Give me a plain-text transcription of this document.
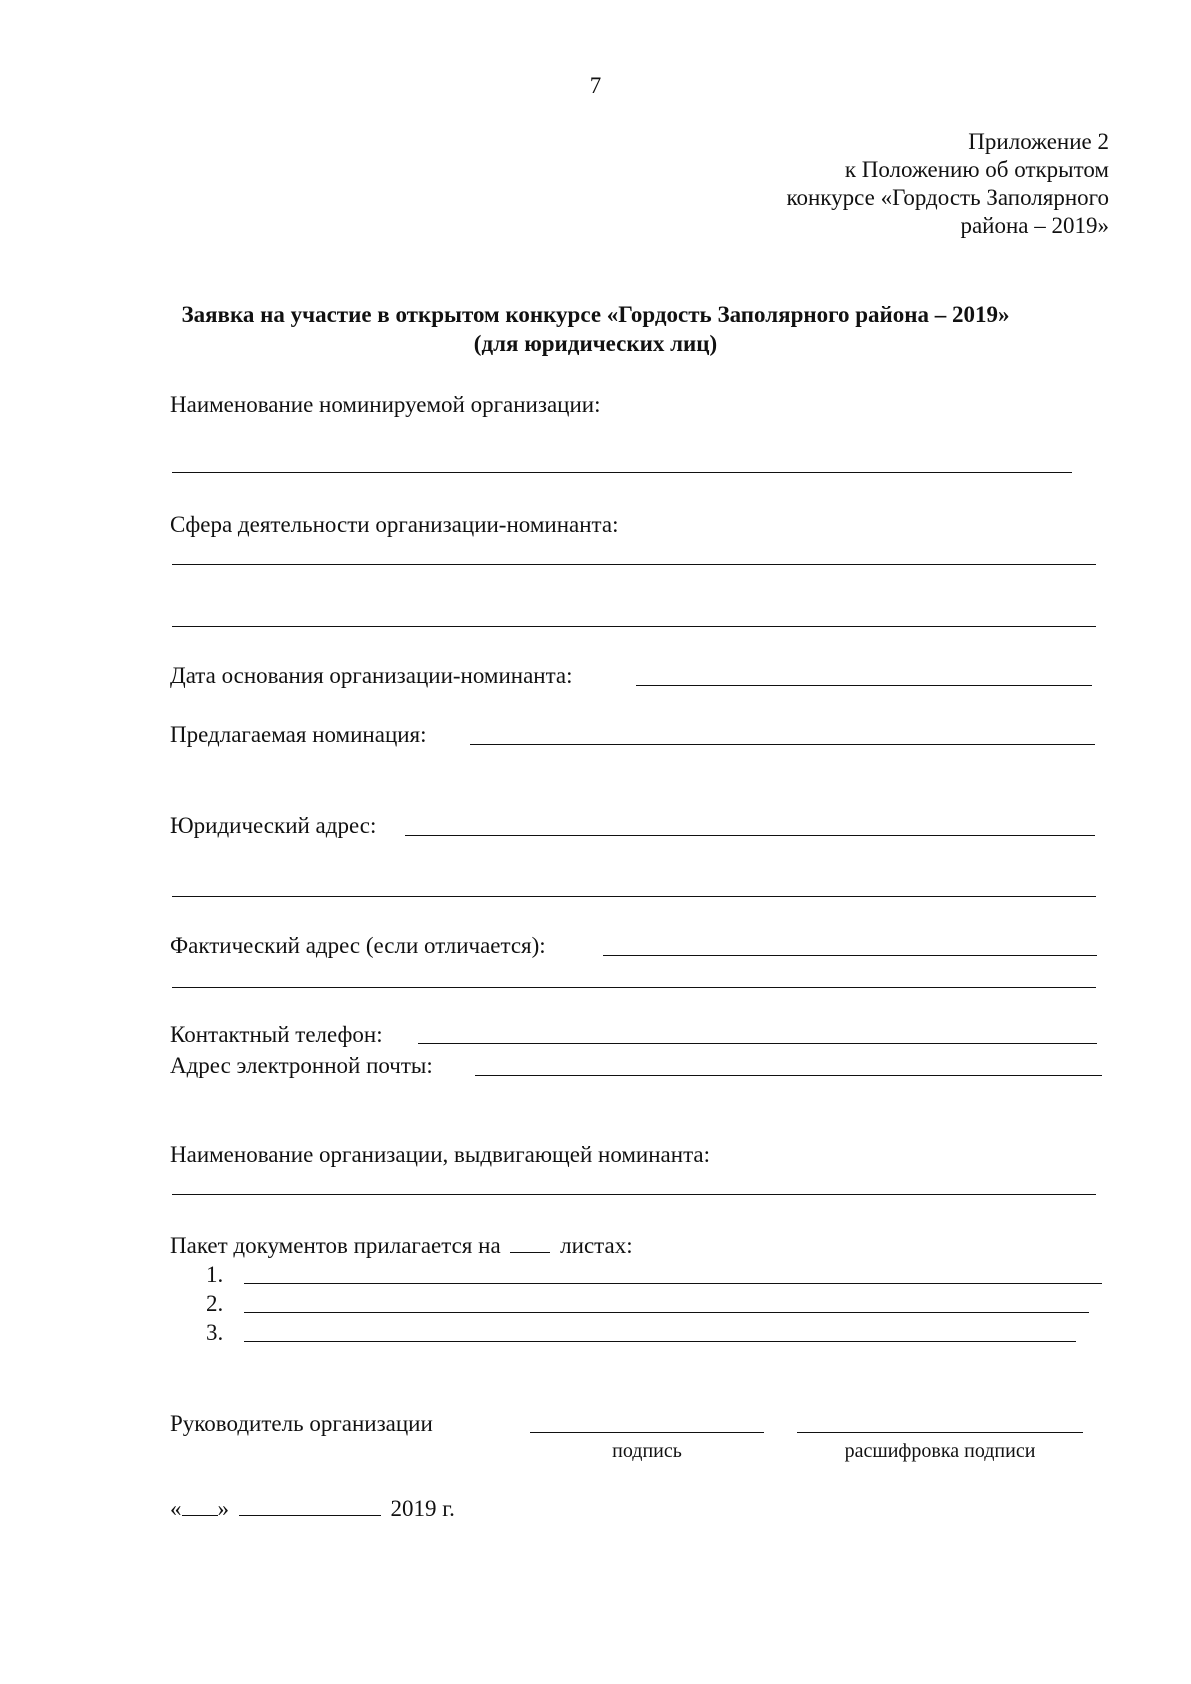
7
Приложение 2
к Положению об открытом
конкурсе «Гордость Заполярного
района – 2019»
Заявка на участие в открытом конкурсе «Гордость Заполярного района – 2019»
(для юридических лиц)
Наименование номинируемой организации:
Сфера деятельности организации-номинанта:
Дата основания организации-номинанта:
Предлагаемая номинация:
Юридический адрес:
Фактический адрес (если отличается):
Контактный телефон:
Адрес электронной почты:
Наименование организации, выдвигающей номинанта:
Пакет документов прилагается на	листах:
1.
2.
3.
Руководитель организации
подпись	расшифровка подписи
« »	2019 г.
